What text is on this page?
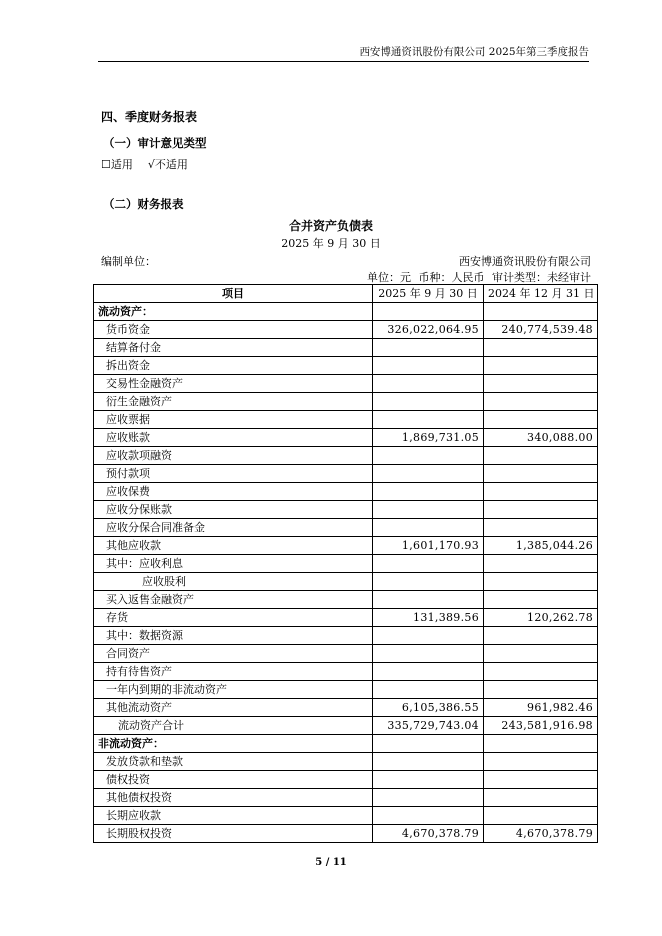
西安博通资讯股份有限公司 2025年第三季度报告
四、季度财务报表
（一）审计意见类型
☐适用 √不适用
（二）财务报表
合并资产负债表
2025 年 9 月 30 日
编制单位：	西安博通资讯股份有限公司
单位：元 币种：人民币 审计类型：未经审计
项目	2025 年 9 月 30 日	2024 年 12 月 31 日
流动资产：		
货币资金	326,022,064.95	240,774,539.48
结算备付金		
拆出资金		
交易性金融资产		
衍生金融资产		
应收票据		
应收账款	1,869,731.05	340,088.00
应收款项融资		
预付款项		
应收保费		
应收分保账款		
应收分保合同准备金		
其他应收款	1,601,170.93	1,385,044.26
其中：应收利息		
应收股利		
买入返售金融资产		
存货	131,389.56	120,262.78
其中：数据资源		
合同资产		
持有待售资产		
一年内到期的非流动资产		
其他流动资产	6,105,386.55	961,982.46
流动资产合计	335,729,743.04	243,581,916.98
非流动资产：		
发放贷款和垫款		
债权投资		
其他债权投资		
长期应收款		
长期股权投资	4,670,378.79	4,670,378.79
5 / 11
